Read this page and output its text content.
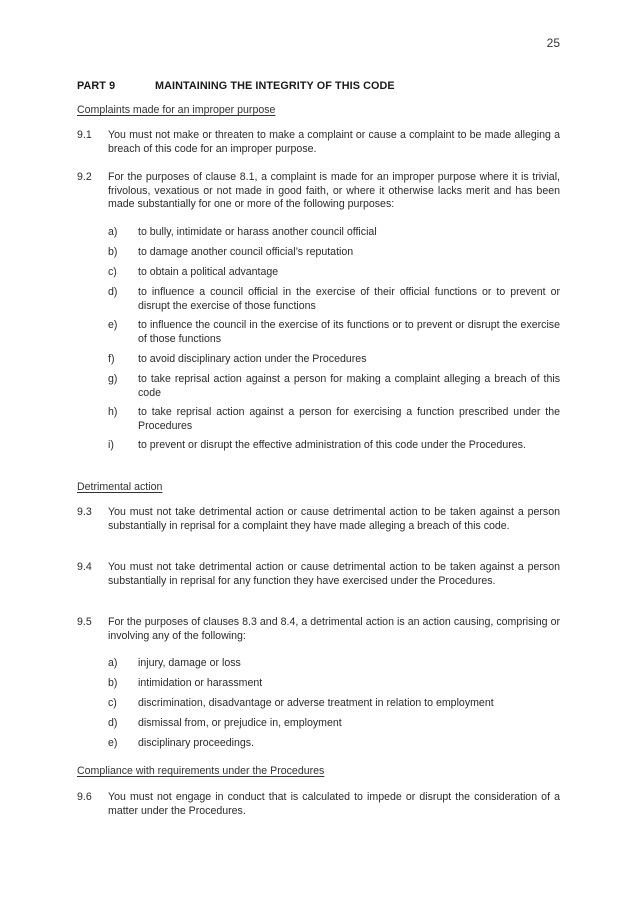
25
PART 9	MAINTAINING THE INTEGRITY OF THIS CODE
Complaints made for an improper purpose
9.1 You must not make or threaten to make a complaint or cause a complaint to be made alleging a breach of this code for an improper purpose.
9.2 For the purposes of clause 8.1, a complaint is made for an improper purpose where it is trivial, frivolous, vexatious or not made in good faith, or where it otherwise lacks merit and has been made substantially for one or more of the following purposes:
a) to bully, intimidate or harass another council official
b) to damage another council official’s reputation
c) to obtain a political advantage
d) to influence a council official in the exercise of their official functions or to prevent or disrupt the exercise of those functions
e) to influence the council in the exercise of its functions or to prevent or disrupt the exercise of those functions
f) to avoid disciplinary action under the Procedures
g) to take reprisal action against a person for making a complaint alleging a breach of this code
h) to take reprisal action against a person for exercising a function prescribed under the Procedures
i) to prevent or disrupt the effective administration of this code under the Procedures.
Detrimental action
9.3 You must not take detrimental action or cause detrimental action to be taken against a person substantially in reprisal for a complaint they have made alleging a breach of this code.
9.4 You must not take detrimental action or cause detrimental action to be taken against a person substantially in reprisal for any function they have exercised under the Procedures.
9.5 For the purposes of clauses 8.3 and 8.4, a detrimental action is an action causing, comprising or involving any of the following:
a) injury, damage or loss
b) intimidation or harassment
c) discrimination, disadvantage or adverse treatment in relation to employment
d) dismissal from, or prejudice in, employment
e) disciplinary proceedings.
Compliance with requirements under the Procedures
9.6 You must not engage in conduct that is calculated to impede or disrupt the consideration of a matter under the Procedures.
